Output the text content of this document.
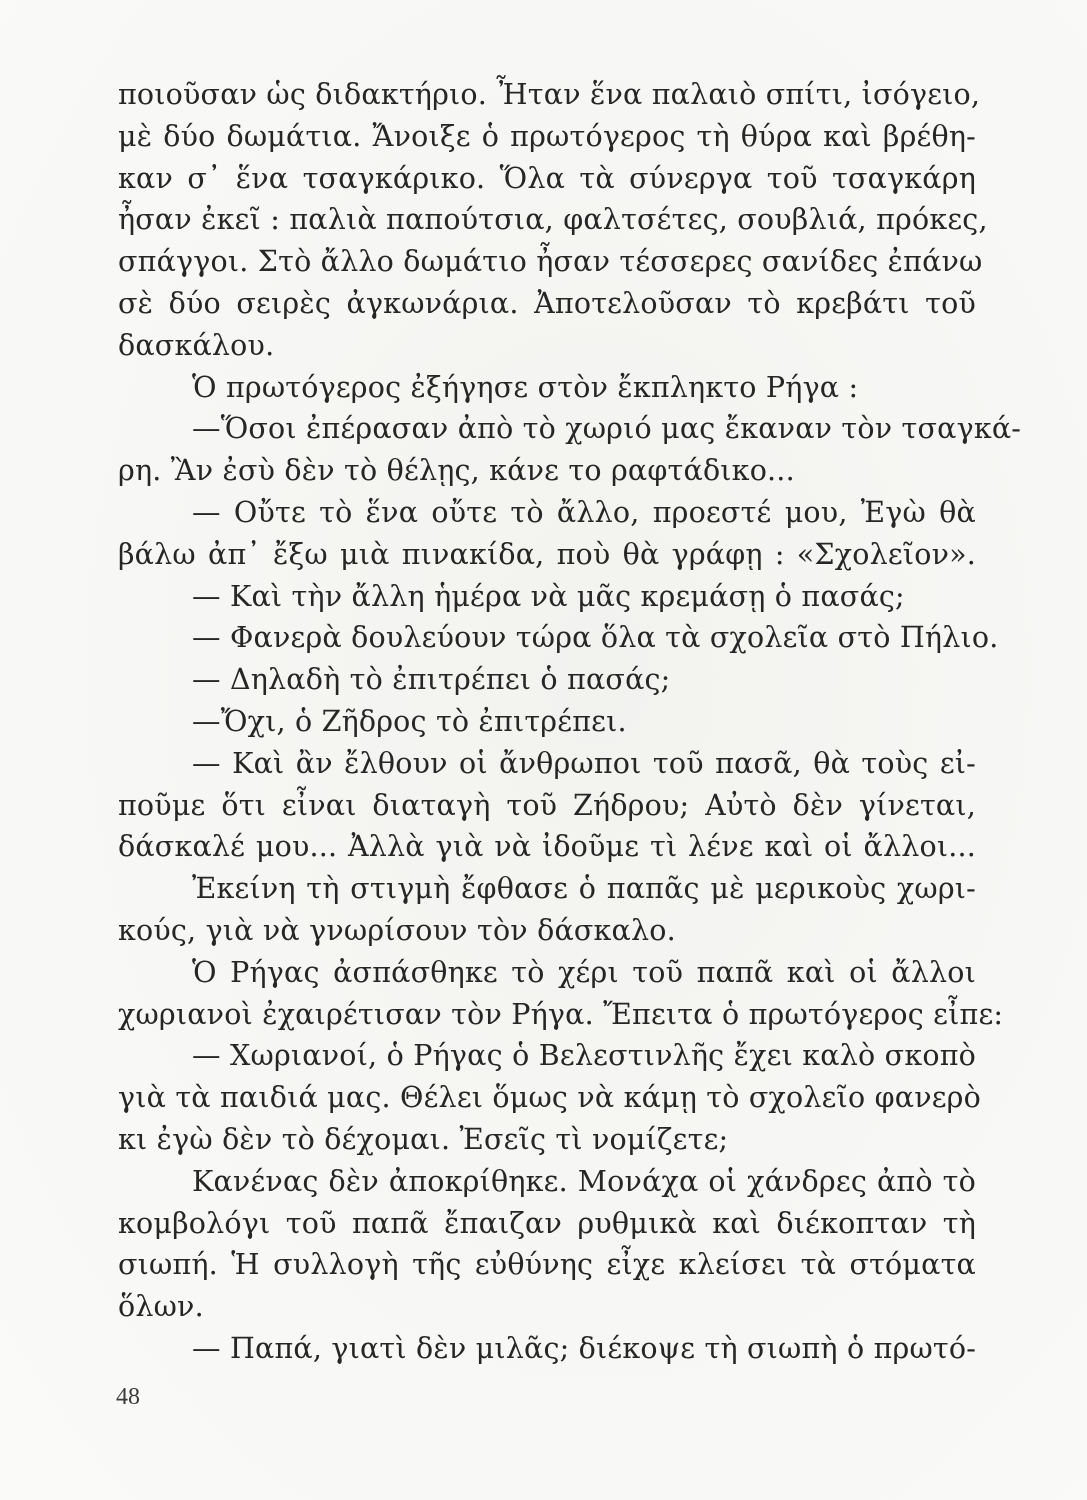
ποιοῦσαν ὡς διδακτήριο. Ἦταν ἕνα παλαιὸ σπίτι, ἰσόγειο,
μὲ δύο δωμάτια. Ἄνοιξε ὁ πρωτόγερος τὴ θύρα καὶ βρέθη-
καν σ᾿ ἕνα τσαγκάρικο. Ὅλα τὰ σύνεργα τοῦ τσαγκάρη
ἦσαν ἐκεῖ : παλιὰ παπούτσια, φαλτσέτες, σουβλιά, πρόκες,
σπάγγοι. Στὸ ἄλλο δωμάτιο ἦσαν τέσσερες σανίδες ἐπάνω
σὲ δύο σειρὲς ἀγκωνάρια. Ἀποτελοῦσαν τὸ κρεβάτι τοῦ
δασκάλου.
Ὁ πρωτόγερος ἐξήγησε στὸν ἔκπληκτο Ρήγα :
—Ὅσοι ἐπέρασαν ἀπὸ τὸ χωριό μας ἔκαναν τὸν τσαγκά-
ρη. Ἂν ἐσὺ δὲν τὸ θέλῃς, κάνε το ραφτάδικο...
— Οὔτε τὸ ἕνα οὔτε τὸ ἄλλο, προεστέ μου, Ἐγὼ θὰ
βάλω ἀπ᾿ ἔξω μιὰ πινακίδα, ποὺ θὰ γράφῃ : «Σχολεῖον».
— Καὶ τὴν ἄλλη ἡμέρα νὰ μᾶς κρεμάσῃ ὁ πασάς;
— Φανερὰ δουλεύουν τώρα ὅλα τὰ σχολεῖα στὸ Πήλιο.
— Δηλαδὴ τὸ ἐπιτρέπει ὁ πασάς;
—Ὄχι, ὁ Ζῆδρος τὸ ἐπιτρέπει.
— Καὶ ἂν ἔλθουν οἱ ἄνθρωποι τοῦ πασᾶ, θὰ τοὺς εἰ-
ποῦμε ὅτι εἶναι διαταγὴ τοῦ Ζήδρου; Αὐτὸ δὲν γίνεται,
δάσκαλέ μου... Ἀλλὰ γιὰ νὰ ἰδοῦμε τὶ λένε καὶ οἱ ἄλλοι...
Ἐκείνη τὴ στιγμὴ ἔφθασε ὁ παπᾶς μὲ μερικοὺς χωρι-
κούς, γιὰ νὰ γνωρίσουν τὸν δάσκαλο.
Ὁ Ρήγας ἀσπάσθηκε τὸ χέρι τοῦ παπᾶ καὶ οἱ ἄλλοι
χωριανοὶ ἐχαιρέτισαν τὸν Ρήγα. Ἔπειτα ὁ πρωτόγερος εἶπε:
— Χωριανοί, ὁ Ρήγας ὁ Βελεστινλῆς ἔχει καλὸ σκοπὸ
γιὰ τὰ παιδιά μας. Θέλει ὅμως νὰ κάμῃ τὸ σχολεῖο φανερὸ
κι ἐγὼ δὲν τὸ δέχομαι. Ἐσεῖς τὶ νομίζετε;
Κανένας δὲν ἀποκρίθηκε. Μονάχα οἱ χάνδρες ἀπὸ τὸ
κομβολόγι τοῦ παπᾶ ἔπαιζαν ρυθμικὰ καὶ διέκοπταν τὴ
σιωπή. Ἡ συλλογὴ τῆς εὐθύνης εἶχε κλείσει τὰ στόματα
ὅλων.
— Παπά, γιατὶ δὲν μιλᾶς; διέκοψε τὴ σιωπὴ ὁ πρωτό-
48
